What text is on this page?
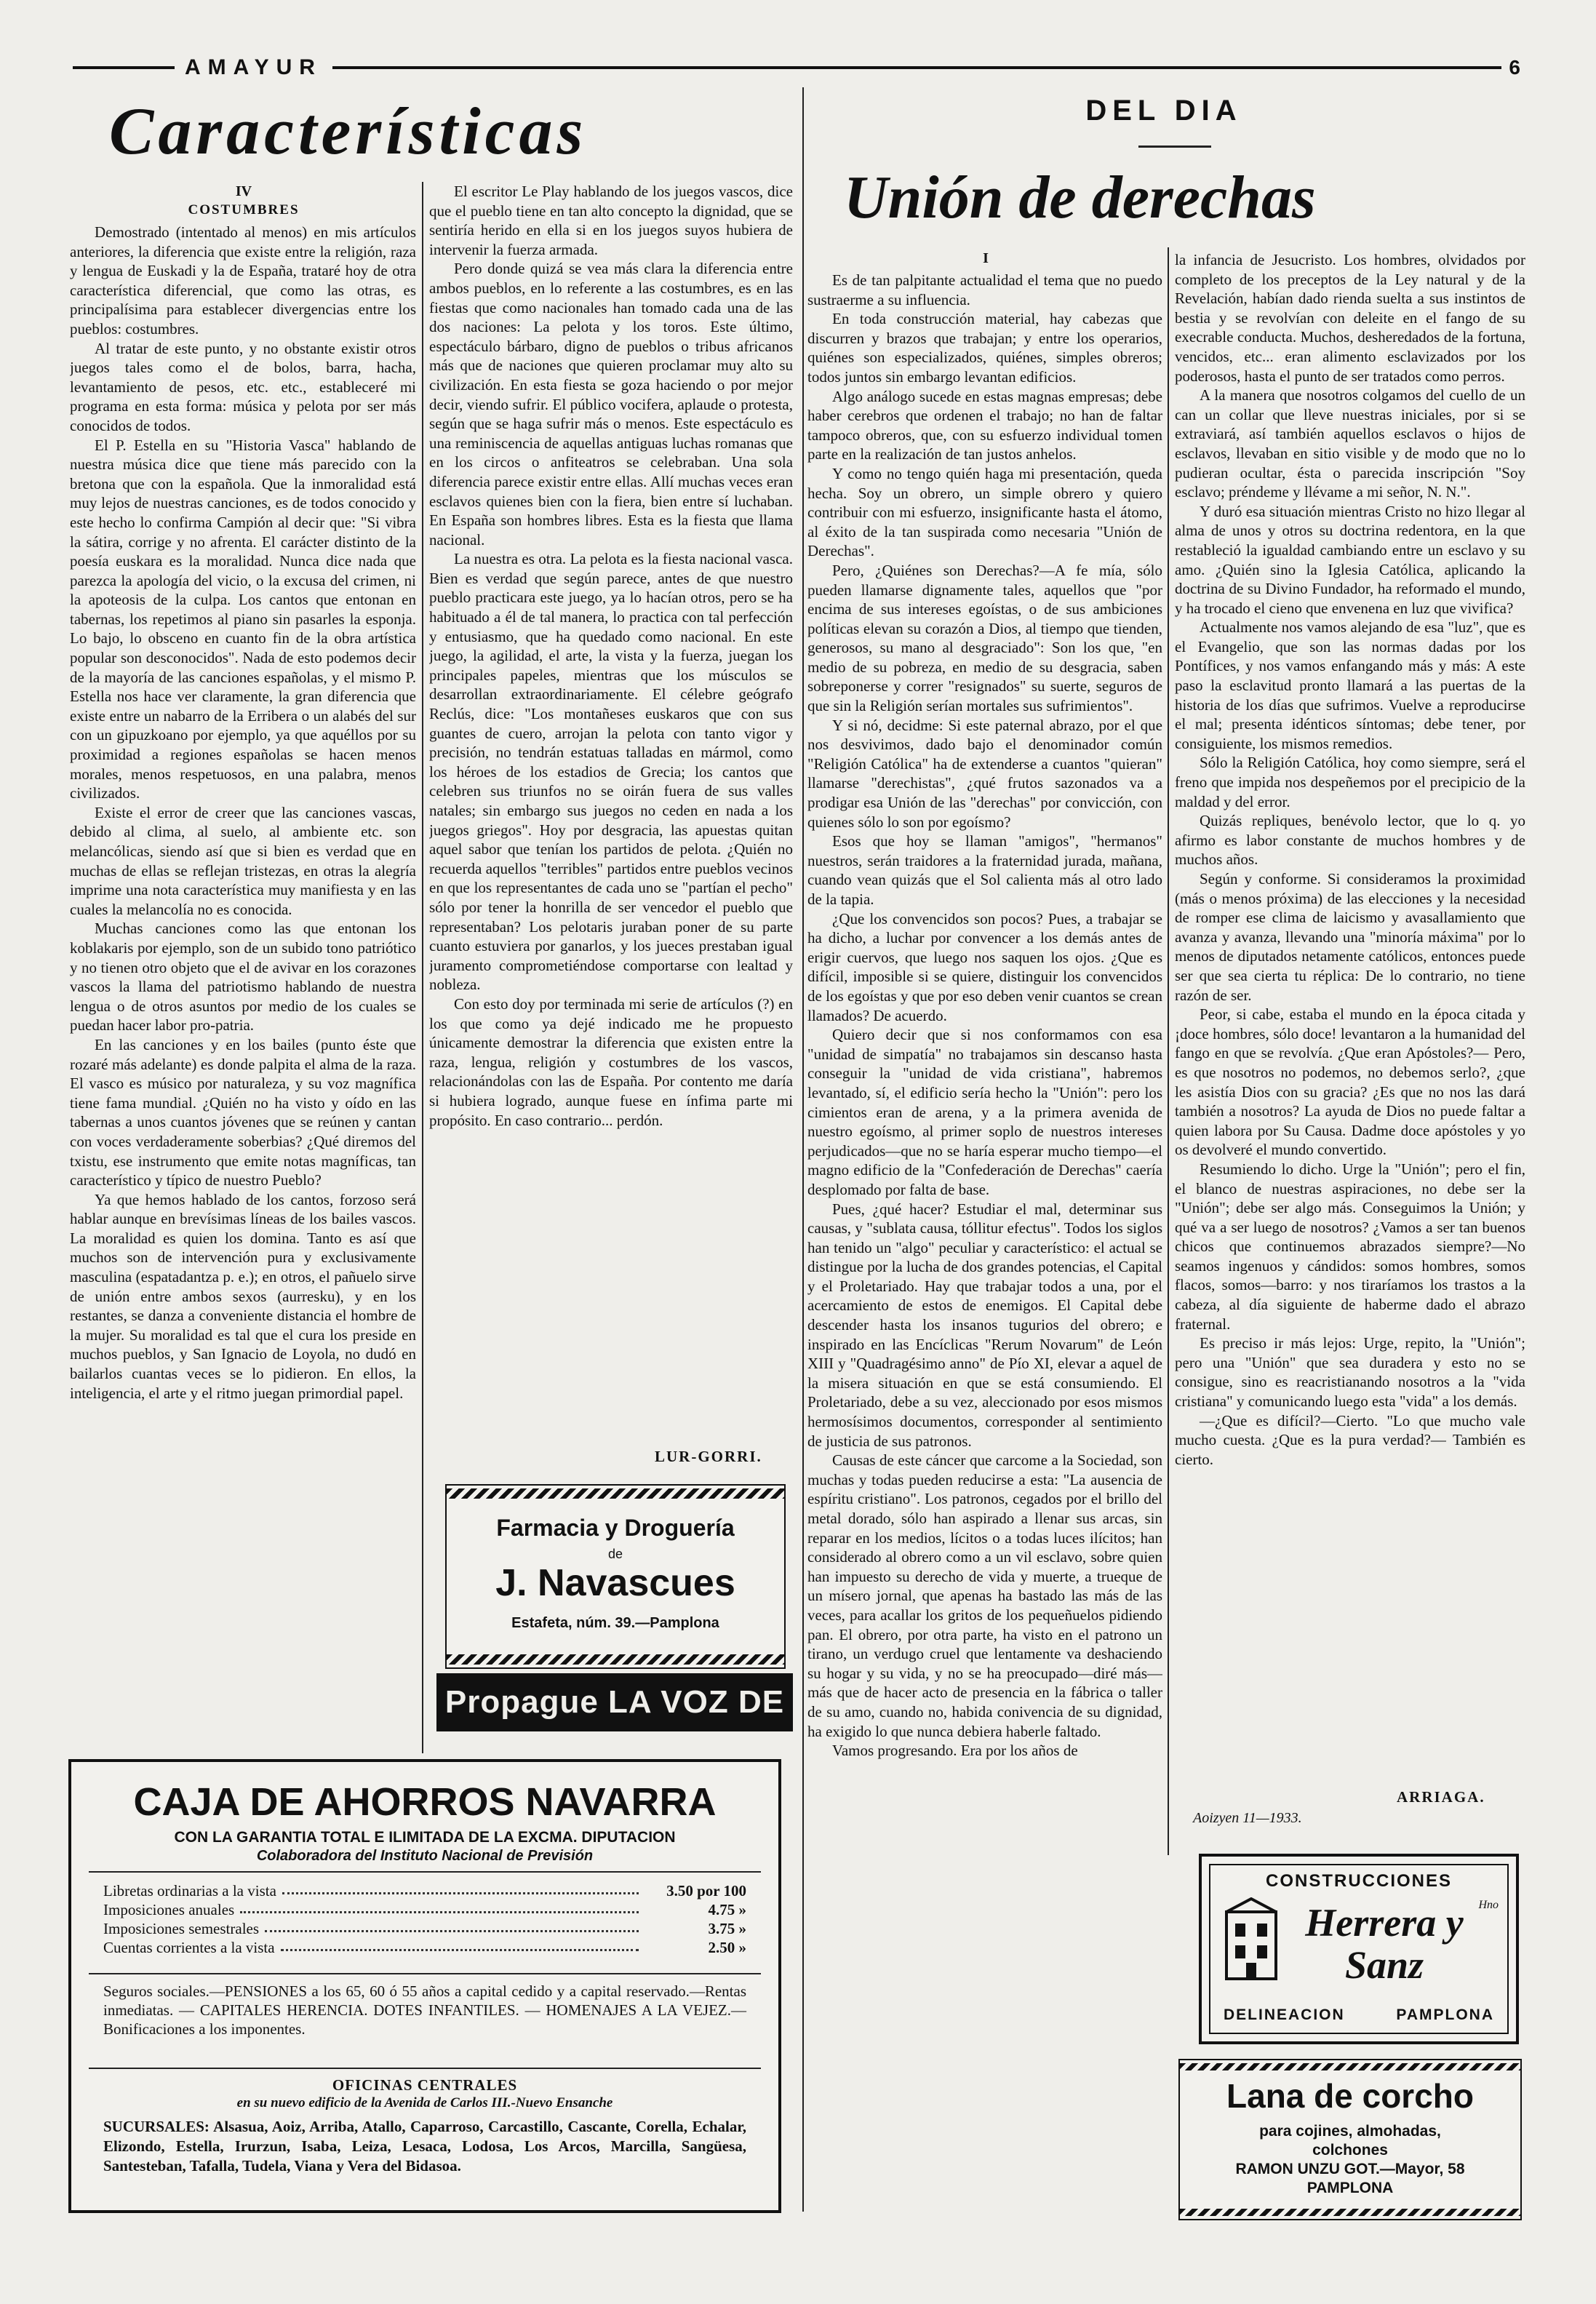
AMAYUR	6
Características
IV
COSTUMBRES

Demostrado (intentado al menos) en mis artículos anteriores, la diferencia que existe entre la religión, raza y lengua de Euskadi y la de España, trataré hoy de otra característica diferencial, que como las otras, es principalísima para establecer divergencias entre los pueblos: costumbres.

Al tratar de este punto, y no obstante existir otros juegos tales como el de bolos, barra, hacha, levantamiento de pesos, etc. etc., estableceré mi programa en esta forma: música y pelota por ser más conocidos de todos.

El P. Estella en su "Historia Vasca" hablando de nuestra música dice que tiene más parecido con la bretona que con la española. Que la inmoralidad está muy lejos de nuestras canciones, es de todos conocido y este hecho lo confirma Campión al decir que: "Si vibra la sátira, corrige y no afrenta. El carácter distinto de la poesía euskara es la moralidad. Nunca dice nada que parezca la apología del vicio, o la excusa del crimen, ni la apoteosis de la culpa. Los cantos que entonan en tabernas, los repetimos al piano sin pasarles la esponja. Lo bajo, lo obsceno en cuanto fin de la obra artística popular son desconocidos". Nada de esto podemos decir de la mayoría de las canciones españolas, y el mismo P. Estella nos hace ver claramente, la gran diferencia que existe entre un nabarro de la Erribera o un alabés del sur con un gipuzkoano por ejemplo, ya que aquéllos por su proximidad a regiones españolas se hacen menos morales, menos respetuosos, en una palabra, menos civilizados.

Existe el error de creer que las canciones vascas, debido al clima, al suelo, al ambiente etc. son melancólicas, siendo así que si bien es verdad que en muchas de ellas se reflejan tristezas, en otras la alegría imprime una nota característica muy manifiesta y en las cuales la melancolía no es conocida.

Muchas canciones como las que entonan los koblakaris por ejemplo, son de un subido tono patriótico y no tienen otro objeto que el de avivar en los corazones vascos la llama del patriotismo hablando de nuestra lengua o de otros asuntos por medio de los cuales se puedan hacer labor pro-patria.

En las canciones y en los bailes (punto éste que rozaré más adelante) es donde palpita el alma de la raza. El vasco es músico por naturaleza, y su voz magnífica tiene fama mundial. ¿Quién no ha visto y oído en las tabernas a unos cuantos jóvenes que se reúnen y cantan con voces verdaderamente soberbias? ¿Qué diremos del txistu, ese instrumento que emite notas magníficas, tan característico y típico de nuestro Pueblo?

Ya que hemos hablado de los cantos, forzoso será hablar aunque en brevísimas líneas de los bailes vascos. La moralidad es quien los domina. Tanto es así que muchos son de intervención pura y exclusivamente masculina (espatadantza p. e.); en otros, el pañuelo sirve de unión entre ambos sexos (aurresku), y en los restantes, se danza a conveniente distancia el hombre de la mujer. Su moralidad es tal que el cura los preside en muchos pueblos, y San Ignacio de Loyola, no dudó en bailarlos cuantas veces se lo pidieron. En ellos, la inteligencia, el arte y el ritmo juegan primordial papel.

El escritor Le Play hablando de los juegos vascos, dice que el pueblo tiene en tan alto concepto la dignidad, que se sentiría herido en ella si en los juegos suyos hubiera de intervenir la fuerza armada.

Pero donde quizá se vea más clara la diferencia entre ambos pueblos, en lo referente a las costumbres, es en las fiestas que como nacionales han tomado cada una de las dos naciones: La pelota y los toros. Este último, espectáculo bárbaro, digno de pueblos o tribus africanos más que de naciones que quieren proclamar muy alto su civilización. En esta fiesta se goza haciendo o por mejor decir, viendo sufrir. El público vocifera, aplaude o protesta, según que se haga sufrir más o menos. Este espectáculo es una reminiscencia de aquellas antiguas luchas romanas que en los circos o anfiteatros se celebraban. Una sola diferencia parece existir entre ellas. Allí muchas veces eran esclavos quienes bien con la fiera, bien entre sí luchaban. En España son hombres libres. Esta es la fiesta que llama nacional.

La nuestra es otra. La pelota es la fiesta nacional vasca. Bien es verdad que según parece, antes de que nuestro pueblo practicara este juego, ya lo hacían otros, pero se ha habituado a él de tal manera, lo practica con tal perfección y entusiasmo, que ha quedado como nacional. En este juego, la agilidad, el arte, la vista y la fuerza, juegan los principales papeles, mientras que los músculos se desarrollan extraordinariamente. El célebre geógrafo Reclús, dice: "Los montañeses euskaros que con sus guantes de cuero, arrojan la pelota con tanto vigor y precisión, no tendrán estatuas talladas en mármol, como los héroes de los estadios de Grecia; los cantos que celebren sus triunfos no se oirán fuera de sus valles natales; sin embargo sus juegos no ceden en nada a los juegos griegos". Hoy por desgracia, las apuestas quitan aquel sabor que tenían los partidos de pelota. ¿Quién no recuerda aquellos "terribles" partidos entre pueblos vecinos en que los representantes de cada uno se "partían el pecho" sólo por tener la honrilla de ser vencedor el pueblo que representaban? Los pelotaris juraban poner de su parte cuanto estuviera por ganarlos, y los jueces prestaban igual juramento comprometiéndose comportarse con lealtad y nobleza.

Con esto doy por terminada mi serie de artículos (?) en los que como ya dejé indicado me he propuesto únicamente demostrar la diferencia que existen entre la raza, lengua, religión y costumbres de los vascos, relacionándolas con las de España. Por contento me daría si hubiera logrado, aunque fuese en ínfima parte mi propósito. En caso contrario... perdón.

LUR-GORRI.
Farmacia y Droguería
de
J. Navascues
Estafeta, núm. 39.—Pamplona
Propague LA VOZ DE
CAJA DE AHORROS NAVARRA
CON LA GARANTIA TOTAL E ILIMITADA DE LA EXCMA. DIPUTACION
Colaboradora del Instituto Nacional de Previsión
Libretas ordinarias a la vista	3.50 por 100
Imposiciones anuales	4.75 »
Imposiciones semestrales	3.75 »
Cuentas corrientes a la vista	2.50 »
Seguros sociales.—PENSIONES a los 65, 60 ó 55 años a capital cedido y a capital reservado.—Rentas inmediatas. — CAPITALES HERENCIA. DOTES INFANTILES. — HOMENAJES A LA VEJEZ.—Bonificaciones a los imponentes.
OFICINAS CENTRALES
en su nuevo edificio de la Avenida de Carlos III.-Nuevo Ensanche
SUCURSALES: Alsasua, Aoiz, Arriba, Atallo, Caparroso, Carcastillo, Cascante, Corella, Echalar, Elizondo, Estella, Irurzun, Isaba, Leiza, Lesaca, Lodosa, Los Arcos, Marcilla, Sangüesa, Santesteban, Tafalla, Tudela, Viana y Vera del Bidasoa.
DEL DIA
Unión de derechas
I

Es de tan palpitante actualidad el tema que no puedo sustraerme a su influencia.

En toda construcción material, hay cabezas que discurren y brazos que trabajan; y entre los operarios, quiénes son especializados, quiénes, simples obreros; todos juntos sin embargo levantan edificios.

Algo análogo sucede en estas magnas empresas; debe haber cerebros que ordenen el trabajo; no han de faltar tampoco obreros, que, con su esfuerzo individual tomen parte en la realización de tan justos anhelos.

Y como no tengo quién haga mi presentación, queda hecha. Soy un obrero, un simple obrero y quiero contribuir con mi esfuerzo, insignificante hasta el átomo, al éxito de la tan suspirada como necesaria "Unión de Derechas".

Pero, ¿Quiénes son Derechas?—A fe mía, sólo pueden llamarse dignamente tales, aquellos que "por encima de sus intereses egoístas, o de sus ambiciones políticas elevan su corazón a Dios, al tiempo que tienden, generosos, su mano al desgraciado": Son los que, "en medio de su pobreza, en medio de su desgracia, saben sobreponerse y correr "resignados" su suerte, seguros de que sin la Religión serían mortales sus sufrimientos".

Y si nó, decidme: Si este paternal abrazo, por el que nos desvivimos, dado bajo el denominador común "Religión Católica" ha de extenderse a cuantos "quieran" llamarse "derechistas", ¿qué frutos sazonados va a prodigar esa Unión de las "derechas" por convicción, con quienes sólo lo son por egoísmo?

Esos que hoy se llaman "amigos", "hermanos" nuestros, serán traidores a la fraternidad jurada, mañana, cuando vean quizás que el Sol calienta más al otro lado de la tapia.

¿Que los convencidos son pocos? Pues, a trabajar se ha dicho, a luchar por convencer a los demás antes de erigir cuervos, que luego nos saquen los ojos. ¿Que es difícil, imposible si se quiere, distinguir los convencidos de los egoístas y que por eso deben venir cuantos se crean llamados? De acuerdo.

Quiero decir que si nos conformamos con esa "unidad de simpatía" no trabajamos sin descanso hasta conseguir la "unidad de vida cristiana", habremos levantado, sí, el edificio sería hecho la "Unión": pero los cimientos eran de arena, y a la primera avenida de nuestro egoísmo, al primer soplo de nuestros intereses perjudicados—que no se haría esperar mucho tiempo—el magno edificio de la "Confederación de Derechas" caería desplomado por falta de base.

Pues, ¿qué hacer? Estudiar el mal, determinar sus causas, y "sublata causa, tóllitur efectus". Todos los siglos han tenido un "algo" peculiar y característico: el actual se distingue por la lucha de dos grandes potencias, el Capital y el Proletariado. Hay que trabajar todos a una, por el acercamiento de estos de enemigos. El Capital debe descender hasta los insanos tugurios del obrero; e inspirado en las Encíclicas "Rerum Novarum" de León XIII y "Quadragésimo anno" de Pío XI, elevar a aquel de la misera situación en que se está consumiendo. El Proletariado, debe a su vez, aleccionado por esos mismos hermosísimos documentos, corresponder al sentimiento de justicia de sus patronos.

Causas de este cáncer que carcome a la Sociedad, son muchas y todas pueden reducirse a esta: "La ausencia de espíritu cristiano". Los patronos, cegados por el brillo del metal dorado, sólo han aspirado a llenar sus arcas, sin reparar en los medios, lícitos o a todas luces ilícitos; han considerado al obrero como a un vil esclavo, sobre quien han impuesto su derecho de vida y muerte, a trueque de un mísero jornal, que apenas ha bastado las más de las veces, para acallar los gritos de los pequeñuelos pidiendo pan. El obrero, por otra parte, ha visto en el patrono un tirano, un verdugo cruel que lentamente va deshaciendo su hogar y su vida, y no se ha preocupado—diré más—más que de hacer acto de presencia en la fábrica o taller de su amo, cuando no, habida conivencia de su dignidad, ha exigido lo que nunca debiera haberle faltado.

Vamos progresando. Era por los años de

la infancia de Jesucristo. Los hombres, olvidados por completo de los preceptos de la Ley natural y de la Revelación, habían dado rienda suelta a sus instintos de bestia y se revolvían con deleite en el fango de su execrable conducta. Muchos, desheredados de la fortuna, vencidos, etc... eran alimento esclavizados por los poderosos, hasta el punto de ser tratados como perros.

A la manera que nosotros colgamos del cuello de un can un collar que lleve nuestras iniciales, por si se extraviará, así también aquellos esclavos o hijos de esclavos, llevaban en sitio visible y de modo que no lo pudieran ocultar, ésta o parecida inscripción "Soy esclavo; préndeme y llévame a mi señor, N. N.".

Y duró esa situación mientras Cristo no hizo llegar al alma de unos y otros su doctrina redentora, en la que restableció la igualdad cambiando entre un esclavo y su amo. ¿Quién sino la Iglesia Católica, aplicando la doctrina de su Divino Fundador, ha reformado el mundo, y ha trocado el cieno que envenena en luz que vivifica?

Actualmente nos vamos alejando de esa "luz", que es el Evangelio, que son las normas dadas por los Pontífices, y nos vamos enfangando más y más: A este paso la esclavitud pronto llamará a las puertas de la historia de los días que sufrimos. Vuelve a reproducirse el mal; presenta idénticos síntomas; debe tener, por consiguiente, los mismos remedios.

Sólo la Religión Católica, hoy como siempre, será el freno que impida nos despeñemos por el precipicio de la maldad y del error.

Quizás repliques, benévolo lector, que lo q. yo afirmo es labor constante de muchos hombres y de muchos años.

Según y conforme. Si consideramos la proximidad (más o menos próxima) de las elecciones y la necesidad de romper ese clima de laicismo y avasallamiento que avanza y avanza, llevando una "minoría máxima" por lo menos de diputados netamente católicos, entonces puede ser que sea cierta tu réplica: De lo contrario, no tiene razón de ser.

Peor, si cabe, estaba el mundo en la época citada y ¡doce hombres, sólo doce! levantaron a la humanidad del fango en que se revolvía. ¿Que eran Apóstoles?— Pero, es que nosotros no podemos, no debemos serlo?, ¿que les asistía Dios con su gracia? ¿Es que no nos las dará también a nosotros? La ayuda de Dios no puede faltar a quien labora por Su Causa. Dadme doce apóstoles y yo os devolveré el mundo convertido.

Resumiendo lo dicho. Urge la "Unión"; pero el fin, el blanco de nuestras aspiraciones, no debe ser la "Unión"; debe ser algo más. Conseguimos la Unión; y qué va a ser luego de nosotros? ¿Vamos a ser tan buenos chicos que continuemos abrazados siempre?—No seamos ingenuos y cándidos: somos hombres, somos flacos, somos—barro: y nos tiraríamos los trastos a la cabeza, al día siguiente de haberme dado el abrazo fraternal.

Es preciso ir más lejos: Urge, repito, la "Unión"; pero una "Unión" que sea duradera y esto no se consigue, sino es reacristianando nosotros a la "vida cristiana" y comunicando luego esta "vida" a los demás.

—¿Que es difícil?—Cierto. "Lo que mucho vale mucho cuesta. ¿Que es la pura verdad?— También es cierto.

ARRIAGA.
Aoizyen 11—1933.
CONSTRUCCIONES
Herrera y Sanz
Hno
DELINEACION	PAMPLONA
Lana de corcho
para cojines, almohadas,
colchones
RAMON UNZU GOT.—Mayor, 58
PAMPLONA
